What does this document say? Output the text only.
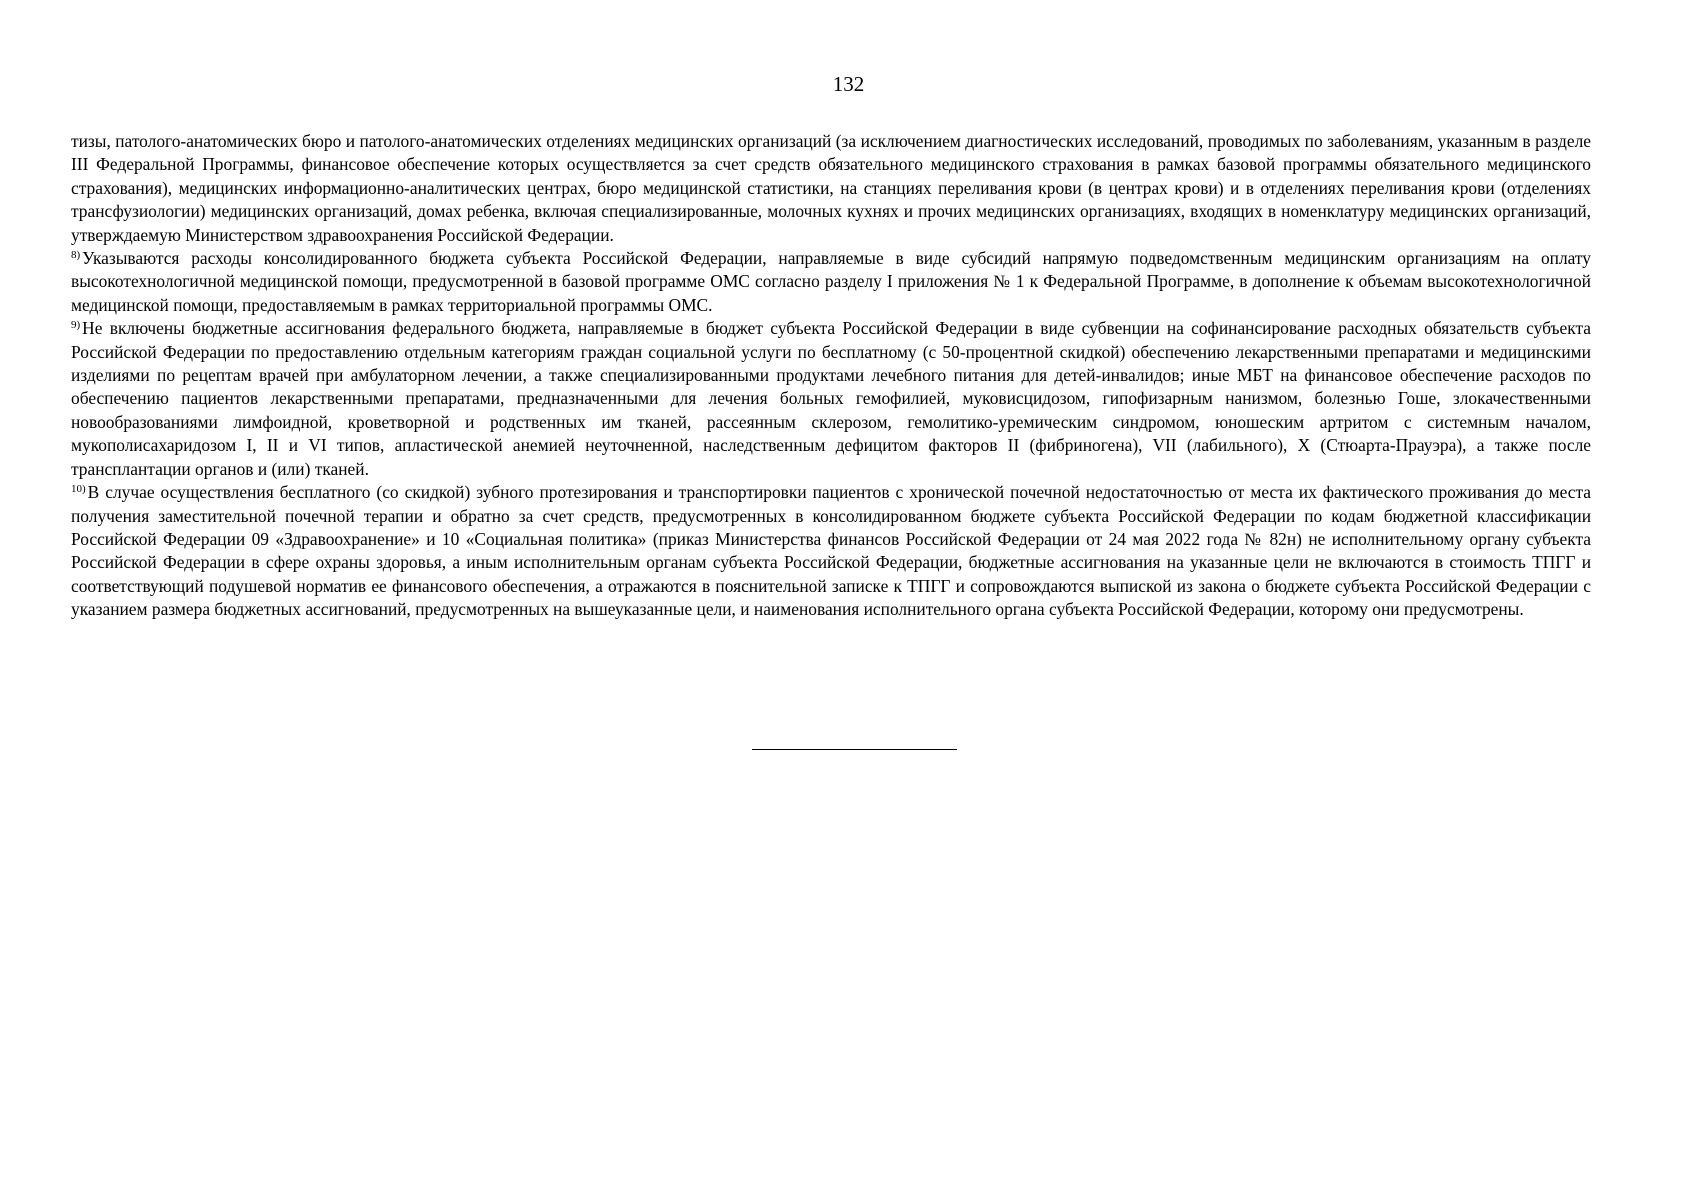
132

тизы, патолого-анатомических бюро и патолого-анатомических отделениях медицинских организаций (за исключением диагностических исследований, проводимых по заболеваниям, указанным в разделе III Федеральной Программы, финансовое обеспечение которых осуществляется за счет средств обязательного медицинского страхования в рамках базовой программы обязательного медицинского страхования), медицинских информационно-аналитических центрах, бюро медицинской статистики, на станциях переливания крови (в центрах крови) и в отделениях переливания крови (отделениях трансфузиологии) медицинских организаций, домах ребенка, включая специализированные, молочных кухнях и прочих медицинских организациях, входящих в номенклатуру медицинских организаций, утверждаемую Министерством здравоохранения Российской Федерации.

$^{8)}$ Указываются расходы консолидированного бюджета субъекта Российской Федерации, направляемые в виде субсидий напрямую подведомственным медицинским организациям на оплату высокотехнологичной медицинской помощи, предусмотренной в базовой программе ОМС согласно разделу I приложения № 1 к Федеральной Программе, в дополнение к объемам высокотехнологичной медицинской помощи, предоставляемым в рамках территориальной программы ОМС.

$^{9)}$ Не включены бюджетные ассигнования федерального бюджета, направляемые в бюджет субъекта Российской Федерации в виде субвенции на софинансирование расходных обязательств субъекта Российской Федерации по предоставлению отдельным категориям граждан социальной услуги по бесплатному (с 50-процентной скидкой) обеспечению лекарственными препаратами и медицинскими изделиями по рецептам врачей при амбулаторном лечении, а также специализированными продуктами лечебного питания для детей-инвалидов; иные МБТ на финансовое обеспечение расходов по обеспечению пациентов лекарственными препаратами, предназначенными для лечения больных гемофилией, муковисцидозом, гипофизарным нанизмом, болезнью Гоше, злокачественными новообразованиями лимфоидной, кроветворной и родственных им тканей, рассеянным склерозом, гемолитико-уремическим синдромом, юношеским артритом с системным началом, мукополисахаридозом I, II и VI типов, апластической анемией неуточненной, наследственным дефицитом факторов II (фибриногена), VII (лабильного), X (Стюарта-Прауэра), а также после трансплантации органов и (или) тканей.

$^{10)}$ В случае осуществления бесплатного (со скидкой) зубного протезирования и транспортировки пациентов с хронической почечной недостаточностью от места их фактического проживания до места получения заместительной почечной терапии и обратно за счет средств, предусмотренных в консолидированном бюджете субъекта Российской Федерации по кодам бюджетной классификации Российской Федерации 09 «Здравоохранение» и 10 «Социальная политика» (приказ Министерства финансов Российской Федерации от 24 мая 2022 года № 82н) не исполнительному органу субъекта Российской Федерации в сфере охраны здоровья, а иным исполнительным органам субъекта Российской Федерации, бюджетные ассигнования на указанные цели не включаются в стоимость ТПГГ и соответствующий подушевой норматив ее финансового обеспечения, а отражаются в пояснительной записке к ТПГГ и сопровождаются выпиской из закона о бюджете субъекта Российской Федерации с указанием размера бюджетных ассигнований, предусмотренных на вышеуказанные цели, и наименования исполнительного органа субъекта Российской Федерации, которому они предусмотрены.
